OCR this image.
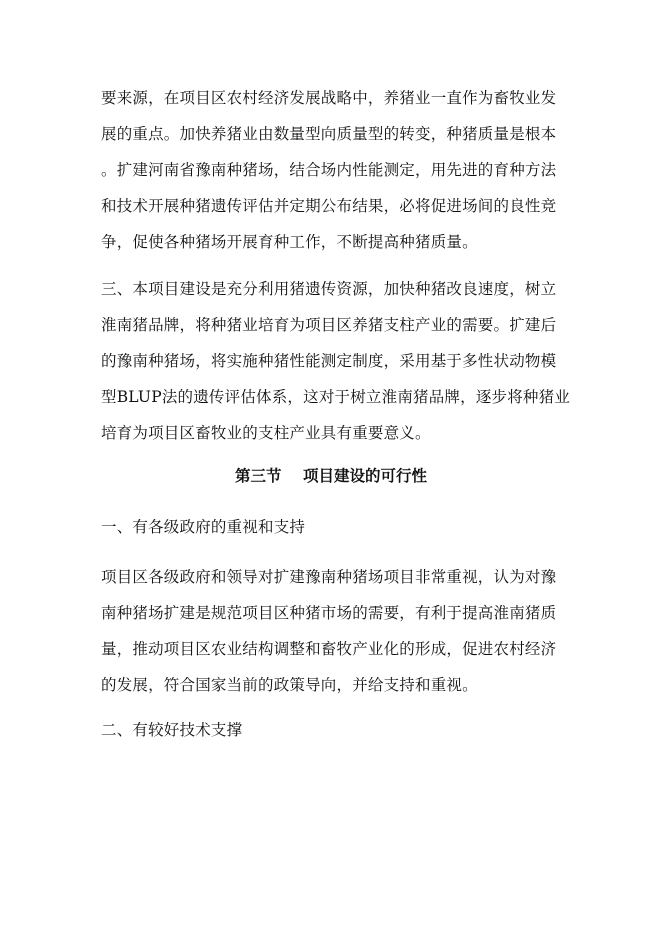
要来源，在项目区农村经济发展战略中，养猪业一直作为畜牧业发
展的重点。加快养猪业由数量型向质量型的转变，种猪质量是根本
。扩建河南省豫南种猪场，结合场内性能测定，用先进的育种方法
和技术开展种猪遗传评估并定期公布结果，必将促进场间的良性竞
争，促使各种猪场开展育种工作，不断提高种猪质量。
三、本项目建设是充分利用猪遗传资源，加快种猪改良速度，树立
淮南猪品牌，将种猪业培育为项目区养猪支柱产业的需要。扩建后
的豫南种猪场，将实施种猪性能测定制度，采用基于多性状动物模
型BLUP法的遗传评估体系，这对于树立淮南猪品牌，逐步将种猪业
培育为项目区畜牧业的支柱产业具有重要意义。
第三节    项目建设的可行性
一、有各级政府的重视和支持
项目区各级政府和领导对扩建豫南种猪场项目非常重视，认为对豫
南种猪场扩建是规范项目区种猪市场的需要，有利于提高淮南猪质
量，推动项目区农业结构调整和畜牧产业化的形成，促进农村经济
的发展，符合国家当前的政策导向，并给支持和重视。
二、有较好技术支撑
